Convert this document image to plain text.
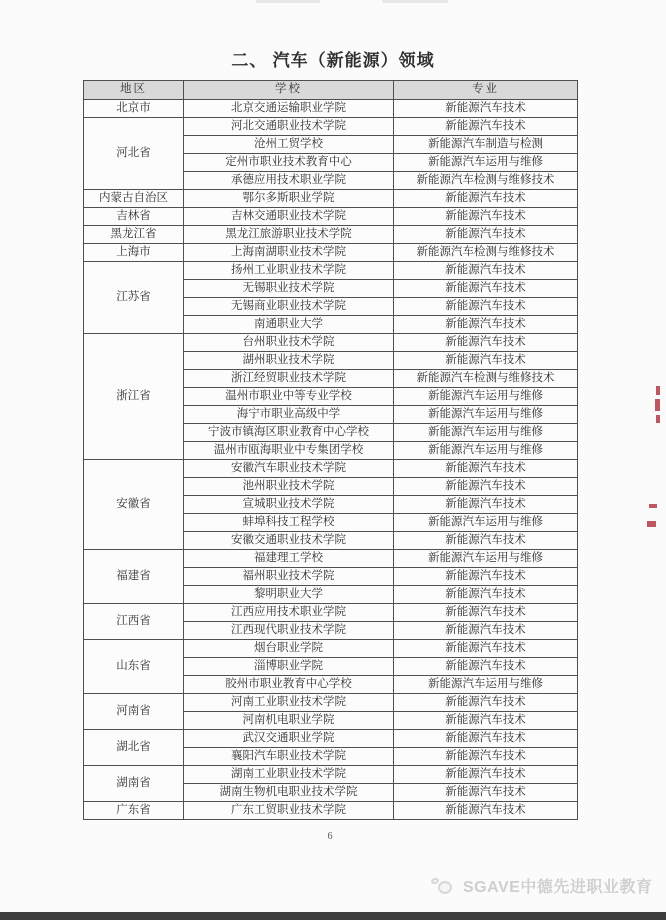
二、 汽车（新能源）领域
地区	学校	专业
北京市	北京交通运输职业学院	新能源汽车技术
河北省	河北交通职业技术学院	新能源汽车技术
	沧州工贸学校	新能源汽车制造与检测
	定州市职业技术教育中心	新能源汽车运用与维修
	承德应用技术职业学院	新能源汽车检测与维修技术
内蒙古自治区	鄂尔多斯职业学院	新能源汽车技术
吉林省	吉林交通职业技术学院	新能源汽车技术
黑龙江省	黑龙江旅游职业技术学院	新能源汽车技术
上海市	上海南湖职业技术学院	新能源汽车检测与维修技术
江苏省	扬州工业职业技术学院	新能源汽车技术
	无锡职业技术学院	新能源汽车技术
	无锡商业职业技术学院	新能源汽车技术
	南通职业大学	新能源汽车技术
浙江省	台州职业技术学院	新能源汽车技术
	湖州职业技术学院	新能源汽车技术
	浙江经贸职业技术学院	新能源汽车检测与维修技术
	温州市职业中等专业学校	新能源汽车运用与维修
	海宁市职业高级中学	新能源汽车运用与维修
	宁波市镇海区职业教育中心学校	新能源汽车运用与维修
	温州市瓯海职业中专集团学校	新能源汽车运用与维修
安徽省	安徽汽车职业技术学院	新能源汽车技术
	池州职业技术学院	新能源汽车技术
	宣城职业技术学院	新能源汽车技术
	蚌埠科技工程学校	新能源汽车运用与维修
	安徽交通职业技术学院	新能源汽车技术
福建省	福建理工学校	新能源汽车运用与维修
	福州职业技术学院	新能源汽车技术
	黎明职业大学	新能源汽车技术
江西省	江西应用技术职业学院	新能源汽车技术
	江西现代职业技术学院	新能源汽车技术
山东省	烟台职业学院	新能源汽车技术
	淄博职业学院	新能源汽车技术
	胶州市职业教育中心学校	新能源汽车运用与维修
河南省	河南工业职业技术学院	新能源汽车技术
	河南机电职业学院	新能源汽车技术
湖北省	武汉交通职业学院	新能源汽车技术
	襄阳汽车职业技术学院	新能源汽车技术
湖南省	湖南工业职业技术学院	新能源汽车技术
	湖南生物机电职业技术学院	新能源汽车技术
广东省	广东工贸职业技术学院	新能源汽车技术
6
SGAVE中德先进职业教育
